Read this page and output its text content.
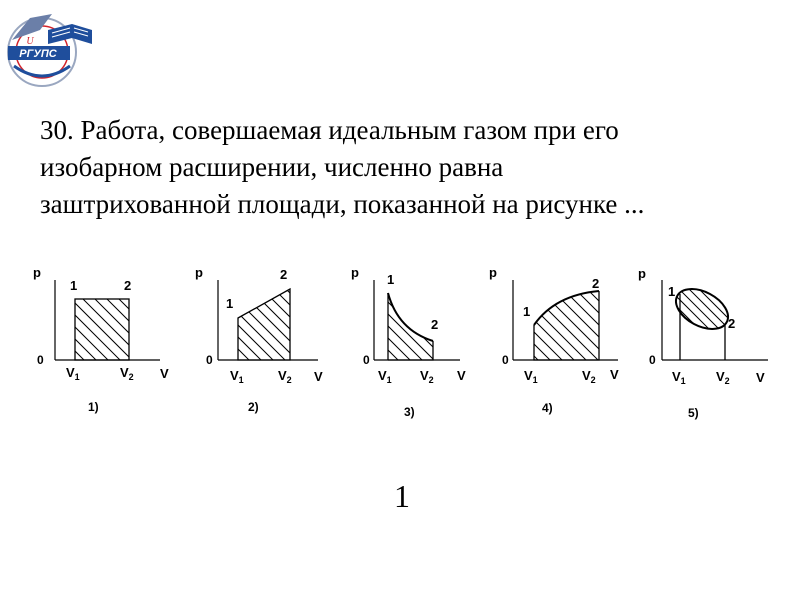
РГУПС
U

30. Работа, совершаемая идеальным газом при его
изобарном расширении, численно равна
заштрихованной площади, показанной на рисунке ...

p
V
0
1	2
$V_1$	$V_2$
1)
p
V
0
1
2
$V_1$	$V_2$
2)
p
V
0
1
2
$V_1$ $V_2$
3)
p
V
0
1
2
$V_1$	$V_2$
4)
p
V
0
1
2
$V_1$ $V_2$
5)
1
